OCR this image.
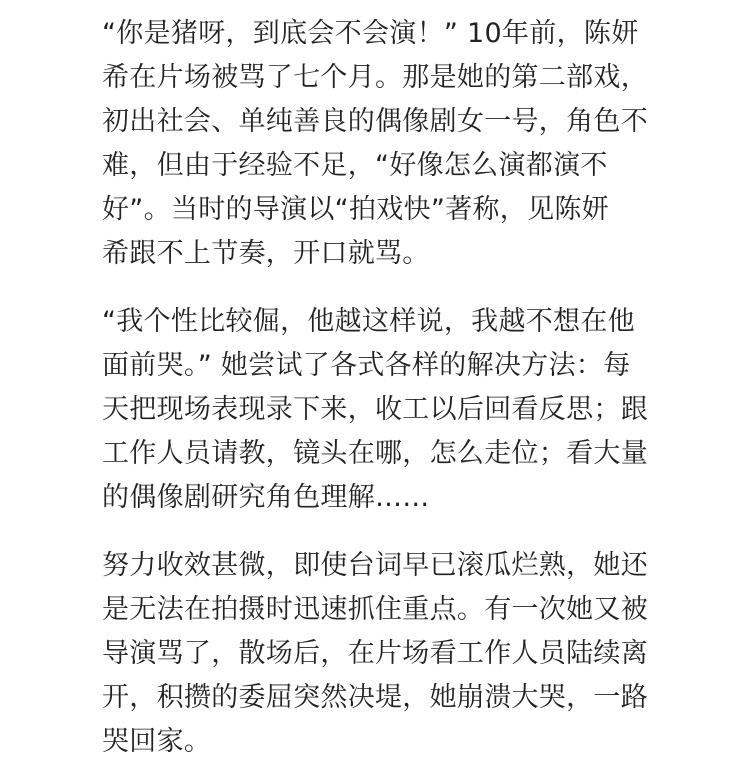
“你是猪呀，到底会不会演！” 10年前，陈妍
希在片场被骂了七个月。那是她的第二部戏，
初出社会、单纯善良的偶像剧女一号，角色不
难，但由于经验不足，“好像怎么演都演不
好”。当时的导演以“拍戏快”著称，见陈妍
希跟不上节奏，开口就骂。

“我个性比较倔，他越这样说，我越不想在他
面前哭。” 她尝试了各式各样的解决方法：每
天把现场表现录下来，收工以后回看反思；跟
工作人员请教，镜头在哪，怎么走位；看大量
的偶像剧研究角色理解……

努力收效甚微，即使台词早已滚瓜烂熟，她还
是无法在拍摄时迅速抓住重点。有一次她又被
导演骂了，散场后，在片场看工作人员陆续离
开，积攒的委屈突然决堤，她崩溃大哭，一路
哭回家。
